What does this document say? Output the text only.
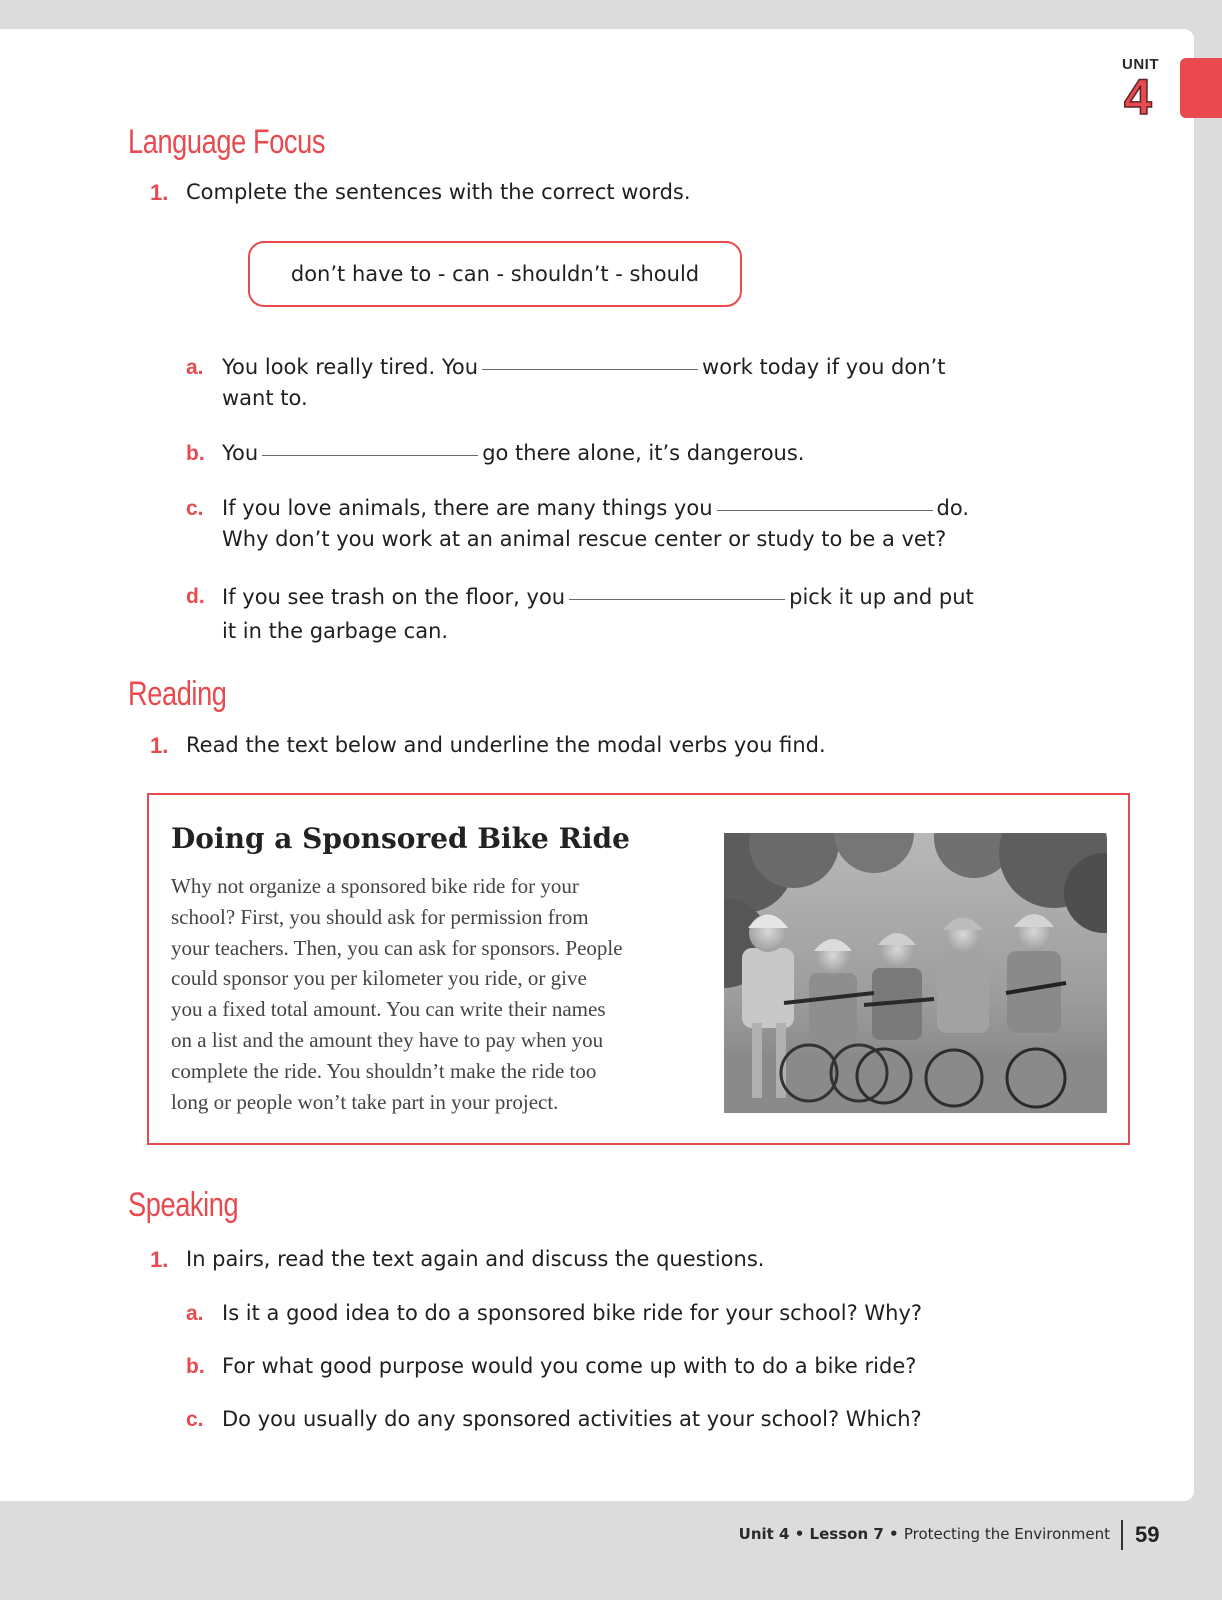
UNIT
4
Language Focus
1. Complete the sentences with the correct words.
don’t have to - can - shouldn’t - should
a. You look really tired. You	work today if you don’t
want to.
b. You	go there alone, it’s dangerous.
c. If you love animals, there are many things you	do.
Why don’t you work at an animal rescue center or study to be a vet?
d. If you see trash on the floor, you	pick it up and put
it in the garbage can.
Reading
1. Read the text below and underline the modal verbs you find.
Doing a Sponsored Bike Ride
Why not organize a sponsored bike ride for your
school? First, you should ask for permission from
your teachers. Then, you can ask for sponsors. People
could sponsor you per kilometer you ride, or give
you a fixed total amount. You can write their names
on a list and the amount they have to pay when you
complete the ride. You shouldn’t make the ride too
long or people won’t take part in your project.
Speaking
1. In pairs, read the text again and discuss the questions.
a. Is it a good idea to do a sponsored bike ride for your school? Why?
b. For what good purpose would you come up with to do a bike ride?
c. Do you usually do any sponsored activities at your school? Which?
Unit 4 • Lesson 7 • Protecting the Environment 59
